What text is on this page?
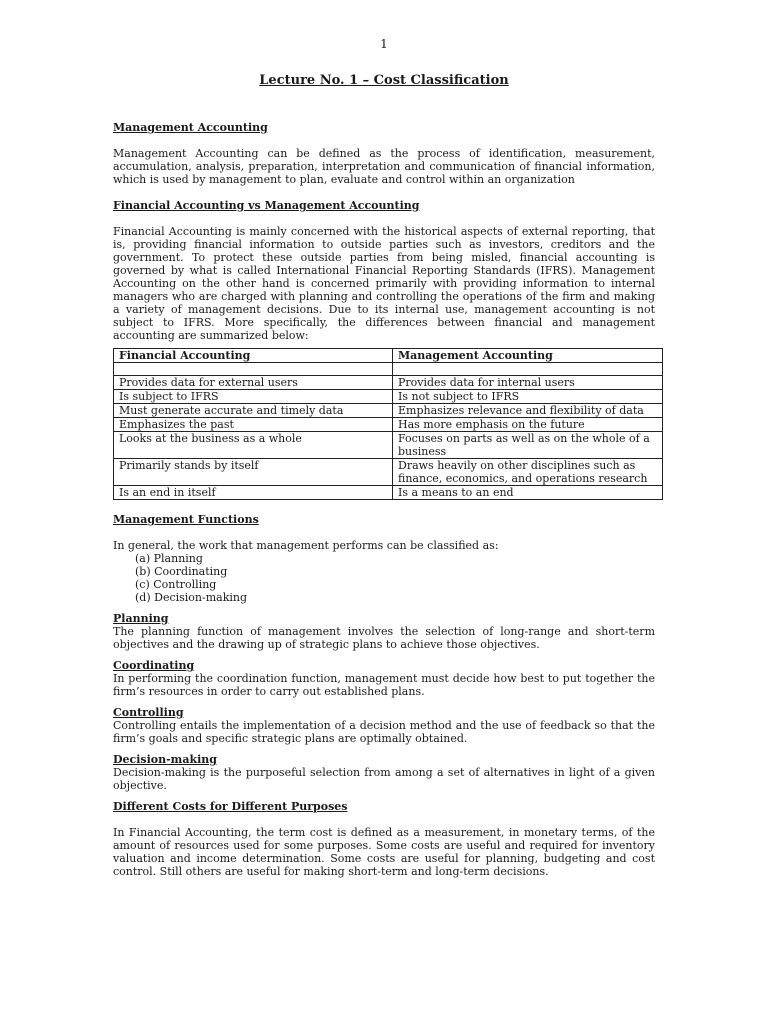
1
Lecture No. 1 – Cost Classification
Management Accounting

Management Accounting can be defined as the process of identification, measurement, accumulation, analysis, preparation, interpretation and communication of financial information, which is used by management to plan, evaluate and control within an organization

Financial Accounting vs Management Accounting

Financial Accounting is mainly concerned with the historical aspects of external reporting, that is, providing financial information to outside parties such as investors, creditors and the government. To protect these outside parties from being misled, financial accounting is governed by what is called International Financial Reporting Standards (IFRS). Management Accounting on the other hand is concerned primarily with providing information to internal managers who are charged with planning and controlling the operations of the firm and making a variety of management decisions. Due to its internal use, management accounting is not subject to IFRS. More specifically, the differences between financial and management accounting are summarized below:

Financial Accounting	Management Accounting

Provides data for external users	Provides data for internal users
Is subject to IFRS	Is not subject to IFRS
Must generate accurate and timely data	Emphasizes relevance and flexibility of data
Emphasizes the past	Has more emphasis on the future
Looks at the business as a whole	Focuses on parts as well as on the whole of a business
Primarily stands by itself	Draws heavily on other disciplines such as finance, economics, and operations research
Is an end in itself	Is a means to an end
Management Functions

In general, the work that management performs can be classified as:

(a) Planning
(b) Coordinating
(c) Controlling
(d) Decision-making
Planning

The planning function of management involves the selection of long-range and short-term objectives and the drawing up of strategic plans to achieve those objectives.

Coordinating

In performing the coordination function, management must decide how best to put together the firm’s resources in order to carry out established plans.

Controlling

Controlling entails the implementation of a decision method and the use of feedback so that the firm’s goals and specific strategic plans are optimally obtained.

Decision-making

Decision-making is the purposeful selection from among a set of alternatives in light of a given objective.

Different Costs for Different Purposes

In Financial Accounting, the term cost is defined as a measurement, in monetary terms, of the amount of resources used for some purposes. Some costs are useful and required for inventory valuation and income determination. Some costs are useful for planning, budgeting and cost control. Still others are useful for making short-term and long-term decisions.
